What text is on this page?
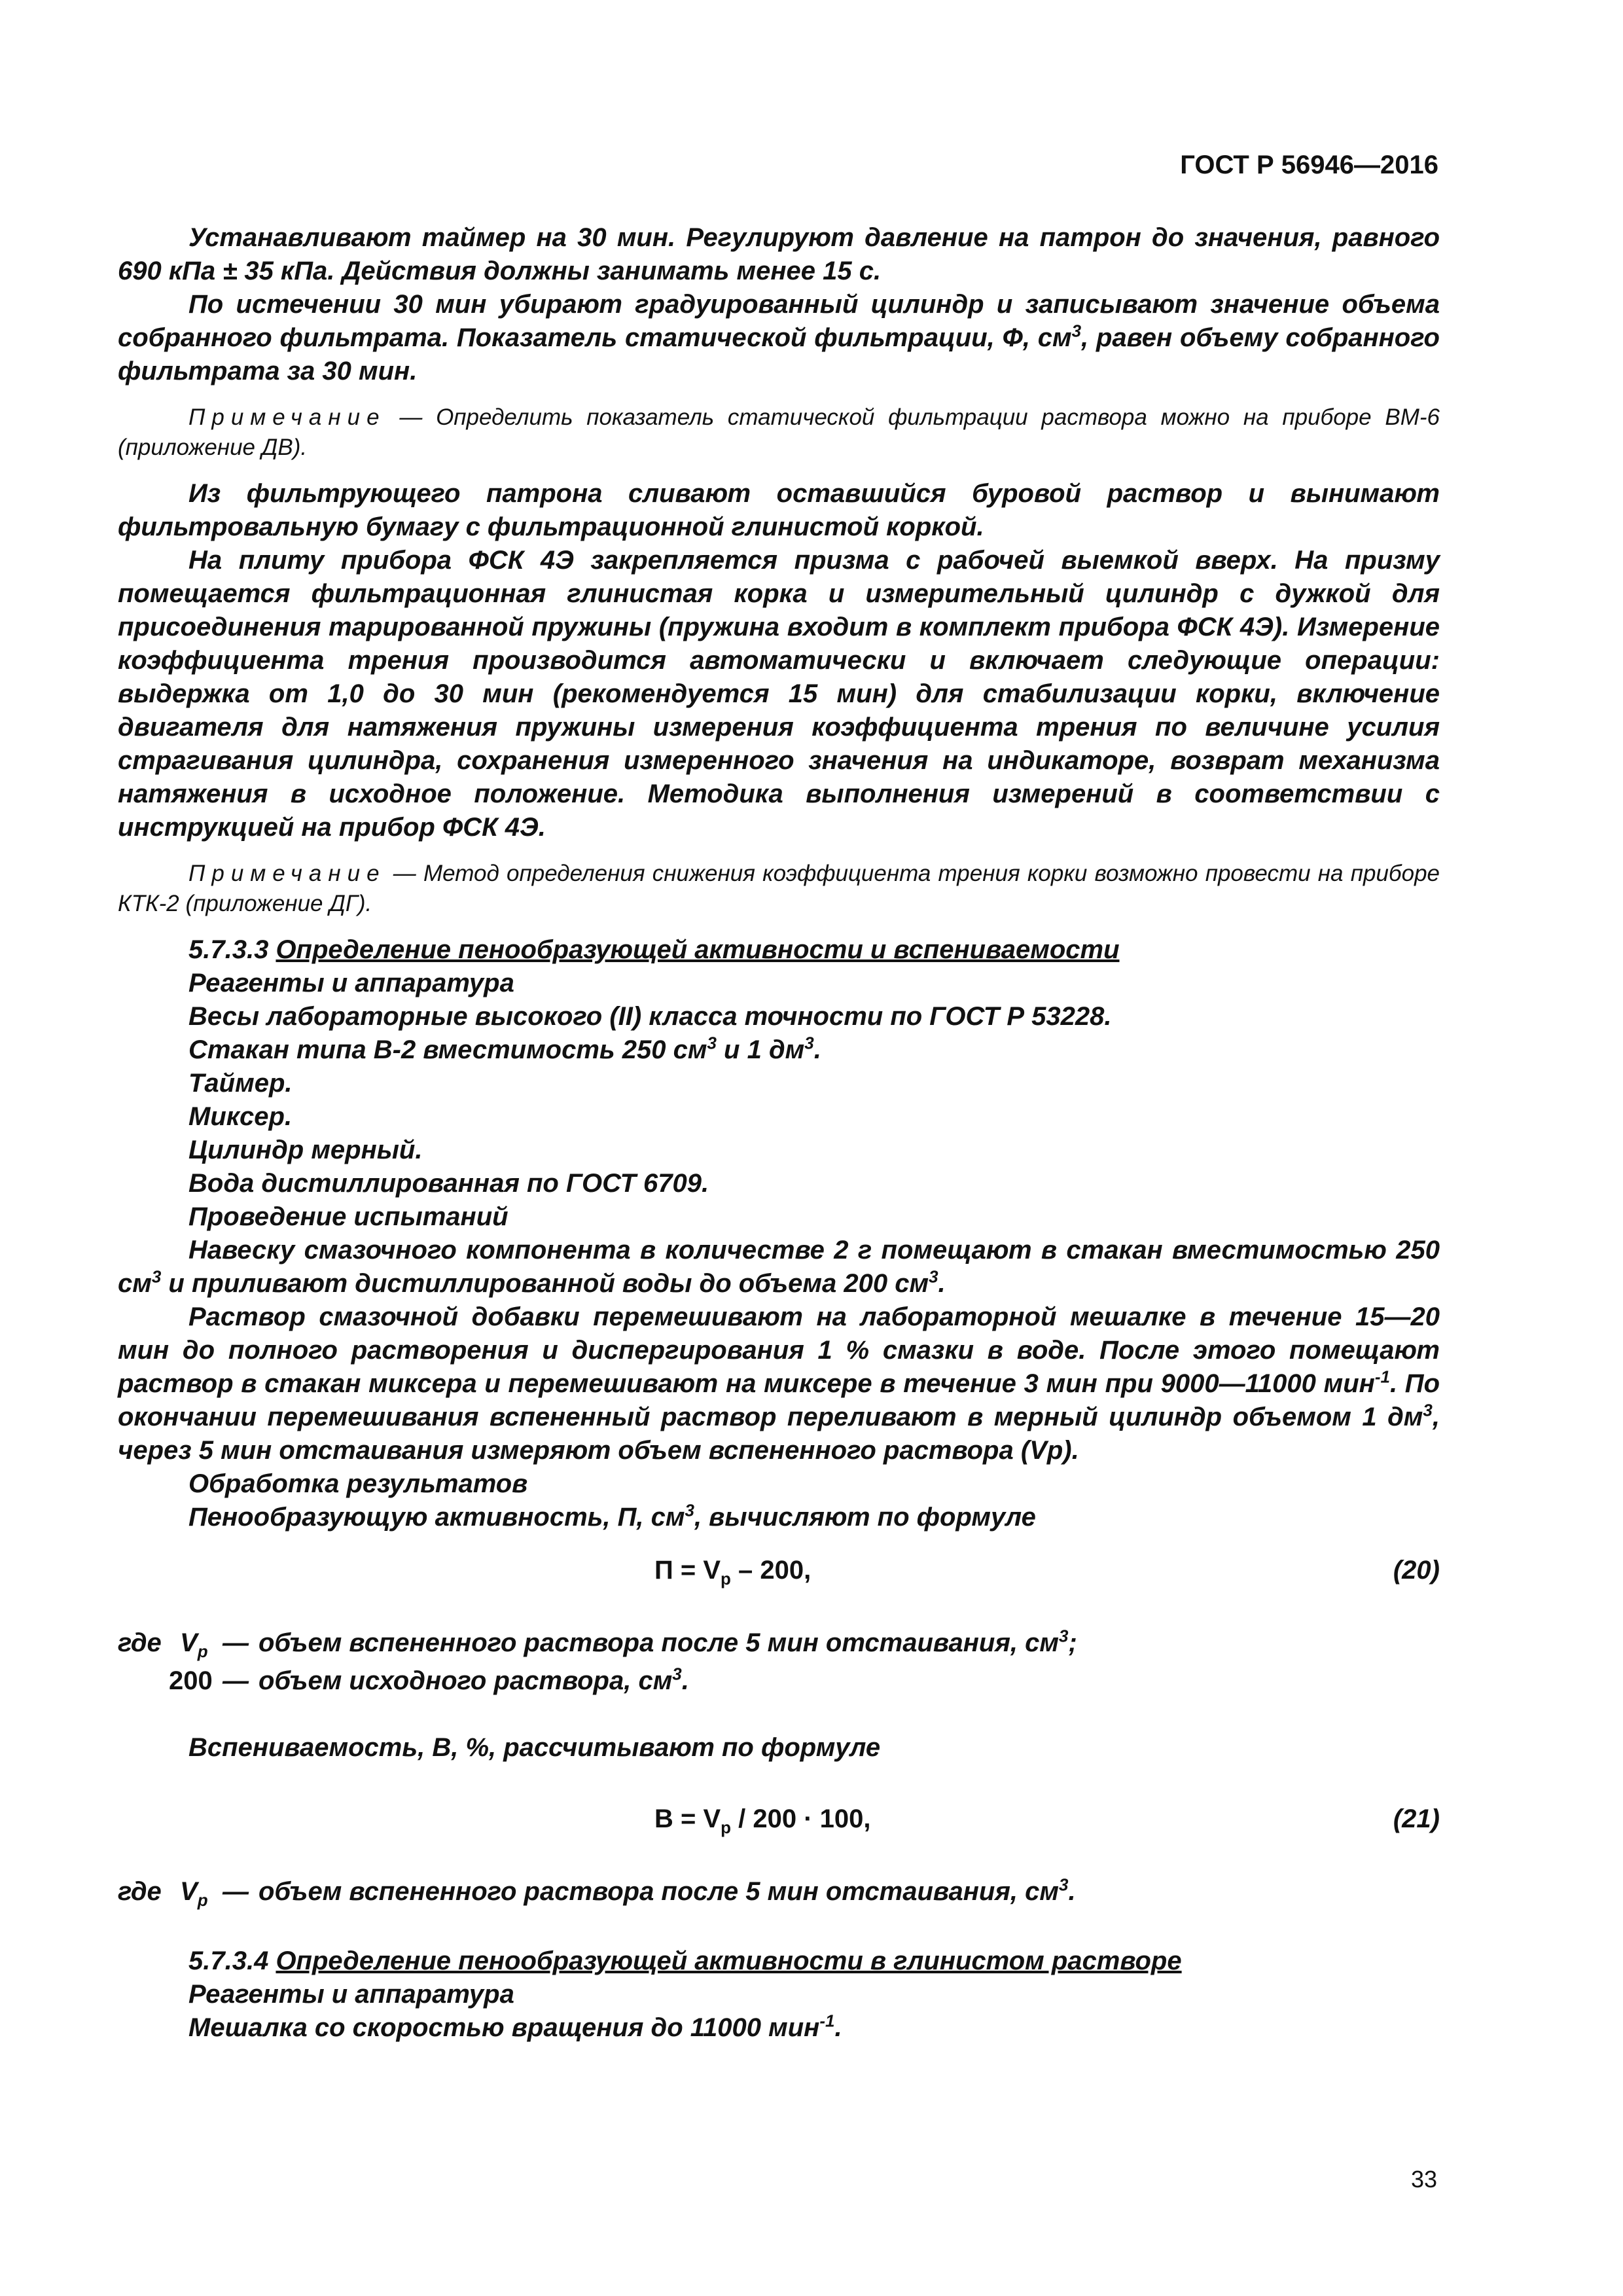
ГОСТ Р 56946—2016

Устанавливают таймер на 30 мин. Регулируют давление на патрон до значения, равного 690 кПа ± 35 кПа. Действия должны занимать менее 15 с.

По истечении 30 мин убирают градуированный цилиндр и записывают значение объема собранного фильтрата. Показатель статической фильтрации, Ф, $см^3$, равен объему собранного фильтрата за 30 мин.

Примечание — Определить показатель статической фильтрации раствора можно на приборе ВМ-6 (приложение ДВ).

Из фильтрующего патрона сливают оставшийся буровой раствор и вынимают фильтровальную бумагу с фильтрационной глинистой коркой.

На плиту прибора ФСК 4Э закрепляется призма с рабочей выемкой вверх. На призму помещается фильтрационная глинистая корка и измерительный цилиндр с дужкой для присоединения тарированной пружины (пружина входит в комплект прибора ФСК 4Э). Измерение коэффициента трения производится автоматически и включает следующие операции: выдержка от 1,0 до 30 мин (рекомендуется 15 мин) для стабилизации корки, включение двигателя для натяжения пружины измерения коэффициента трения по величине усилия страгивания цилиндра, сохранения измеренного значения на индикаторе, возврат механизма натяжения в исходное положение. Методика выполнения измерений в соответствии с инструкцией на прибор ФСК 4Э.

Примечание — Метод определения снижения коэффициента трения корки возможно провести на приборе КТК-2 (приложение ДГ).

5.7.3.3 Определение пенообразующей активности и вспениваемости

Реагенты и аппаратура

Весы лабораторные высокого (II) класса точности по ГОСТ Р 53228.

Стакан типа В-2 вместимость 250 $см^3$ и 1 $дм^3$.

Таймер.

Миксер.

Цилиндр мерный.

Вода дистиллированная по ГОСТ 6709.

Проведение испытаний

Навеску смазочного компонента в количестве 2 г помещают в стакан вместимостью 250 $см^3$ и приливают дистиллированной воды до объема 200 $см^3$.

Раствор смазочной добавки перемешивают на лабораторной мешалке в течение 15—20 мин до полного растворения и диспергирования 1 % смазки в воде. После этого помещают раствор в стакан миксера и перемешивают на миксере в течение 3 мин при 9000—11000 мин$^{-1}$. По окончании перемешивания вспененный раствор переливают в мерный цилиндр объемом 1 $дм^3$, через 5 мин отстаивания измеряют объем вспененного раствора (Vр).

Обработка результатов

Пенообразующую активность, П, $см^3$, вычисляют по формуле

$П = V_р - 200$,	(20)
где $V_р$ — объем вспененного раствора после 5 мин отстаивания, $см^3$;
200 — объем исходного раствора, $см^3$.

Вспениваемость, В, %, рассчитывают по формуле

$В = V_р / 200 \cdot 100$,	(21)
где $V_р$ — объем вспененного раствора после 5 мин отстаивания, $см^3$.

5.7.3.4 Определение пенообразующей активности в глинистом растворе

Реагенты и аппаратура

Мешалка со скоростью вращения до 11000 мин$^{-1}$.

33
